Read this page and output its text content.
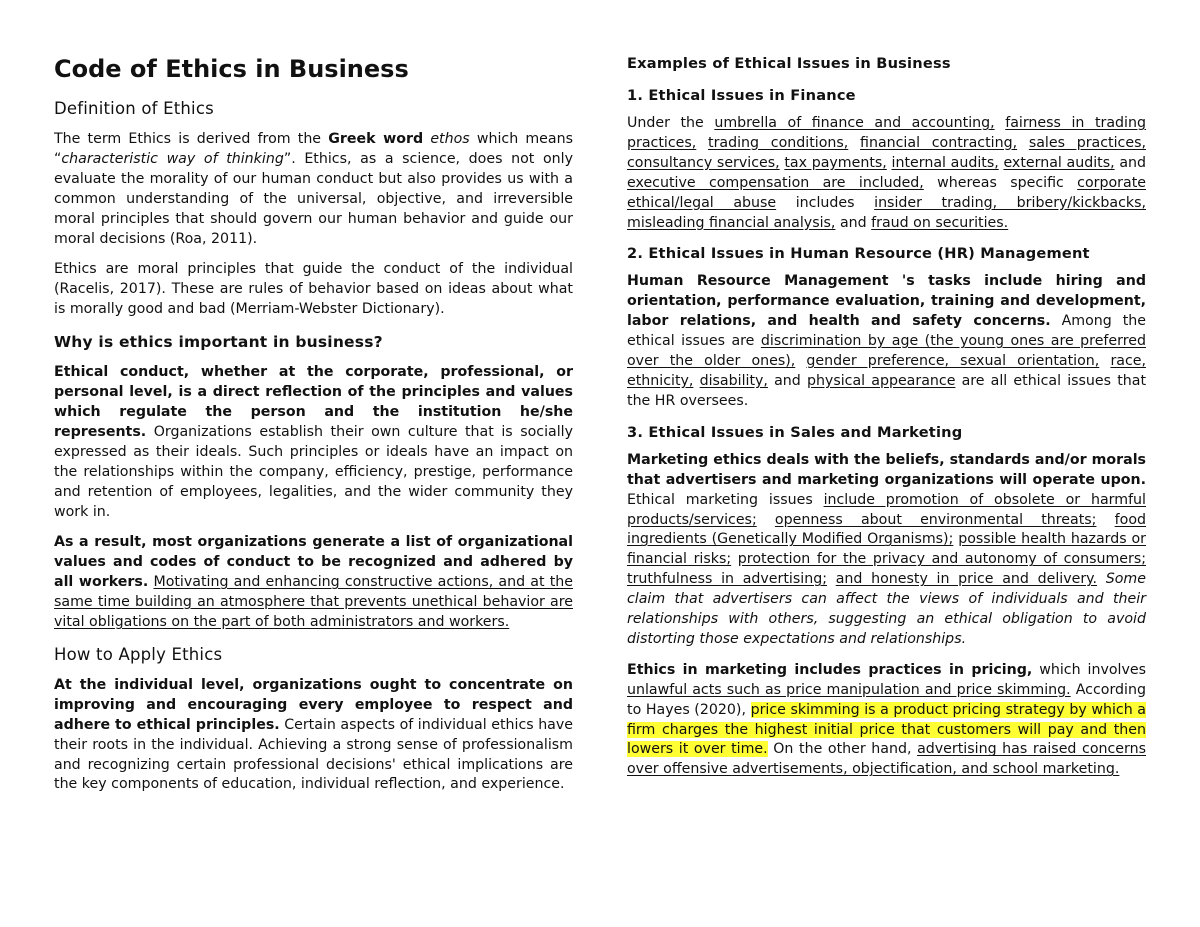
Code of Ethics in Business
Definition of Ethics

The term Ethics is derived from the Greek word ethos which means “characteristic way of thinking”. Ethics, as a science, does not only evaluate the morality of our human conduct but also provides us with a common understanding of the universal, objective, and irreversible moral principles that should govern our human behavior and guide our moral decisions (Roa, 2011).

Ethics are moral principles that guide the conduct of the individual (Racelis, 2017). These are rules of behavior based on ideas about what is morally good and bad (Merriam-Webster Dictionary).

Why is ethics important in business?

Ethical conduct, whether at the corporate, professional, or personal level, is a direct reflection of the principles and values which regulate the person and the institution he/she represents. Organizations establish their own culture that is socially expressed as their ideals. Such principles or ideals have an impact on the relationships within the company, efficiency, prestige, performance and retention of employees, legalities, and the wider community they work in.

As a result, most organizations generate a list of organizational values and codes of conduct to be recognized and adhered by all workers. Motivating and enhancing constructive actions, and at the same time building an atmosphere that prevents unethical behavior are vital obligations on the part of both administrators and workers.

How to Apply Ethics

At the individual level, organizations ought to concentrate on improving and encouraging every employee to respect and adhere to ethical principles. Certain aspects of individual ethics have their roots in the individual. Achieving a strong sense of professionalism and recognizing certain professional decisions' ethical implications are the key components of education, individual reflection, and experience.

Examples of Ethical Issues in Business
1. Ethical Issues in Finance

Under the umbrella of finance and accounting, fairness in trading practices, trading conditions, financial contracting, sales practices, consultancy services, tax payments, internal audits, external audits, and executive compensation are included, whereas specific corporate ethical/legal abuse includes insider trading, bribery/kickbacks, misleading financial analysis, and fraud on securities.

2. Ethical Issues in Human Resource (HR) Management

Human Resource Management 's tasks include hiring and orientation, performance evaluation, training and development, labor relations, and health and safety concerns. Among the ethical issues are discrimination by age (the young ones are preferred over the older ones), gender preference, sexual orientation, race, ethnicity, disability, and physical appearance are all ethical issues that the HR oversees.

3. Ethical Issues in Sales and Marketing

Marketing ethics deals with the beliefs, standards and/or morals that advertisers and marketing organizations will operate upon. Ethical marketing issues include promotion of obsolete or harmful products/services; openness about environmental threats; food ingredients (Genetically Modified Organisms); possible health hazards or financial risks; protection for the privacy and autonomy of consumers; truthfulness in advertising; and honesty in price and delivery. Some claim that advertisers can affect the views of individuals and their relationships with others, suggesting an ethical obligation to avoid distorting those expectations and relationships.

Ethics in marketing includes practices in pricing, which involves unlawful acts such as price manipulation and price skimming. According to Hayes (2020), price skimming is a product pricing strategy by which a firm charges the highest initial price that customers will pay and then lowers it over time. On the other hand, advertising has raised concerns over offensive advertisements, objectification, and school marketing.
